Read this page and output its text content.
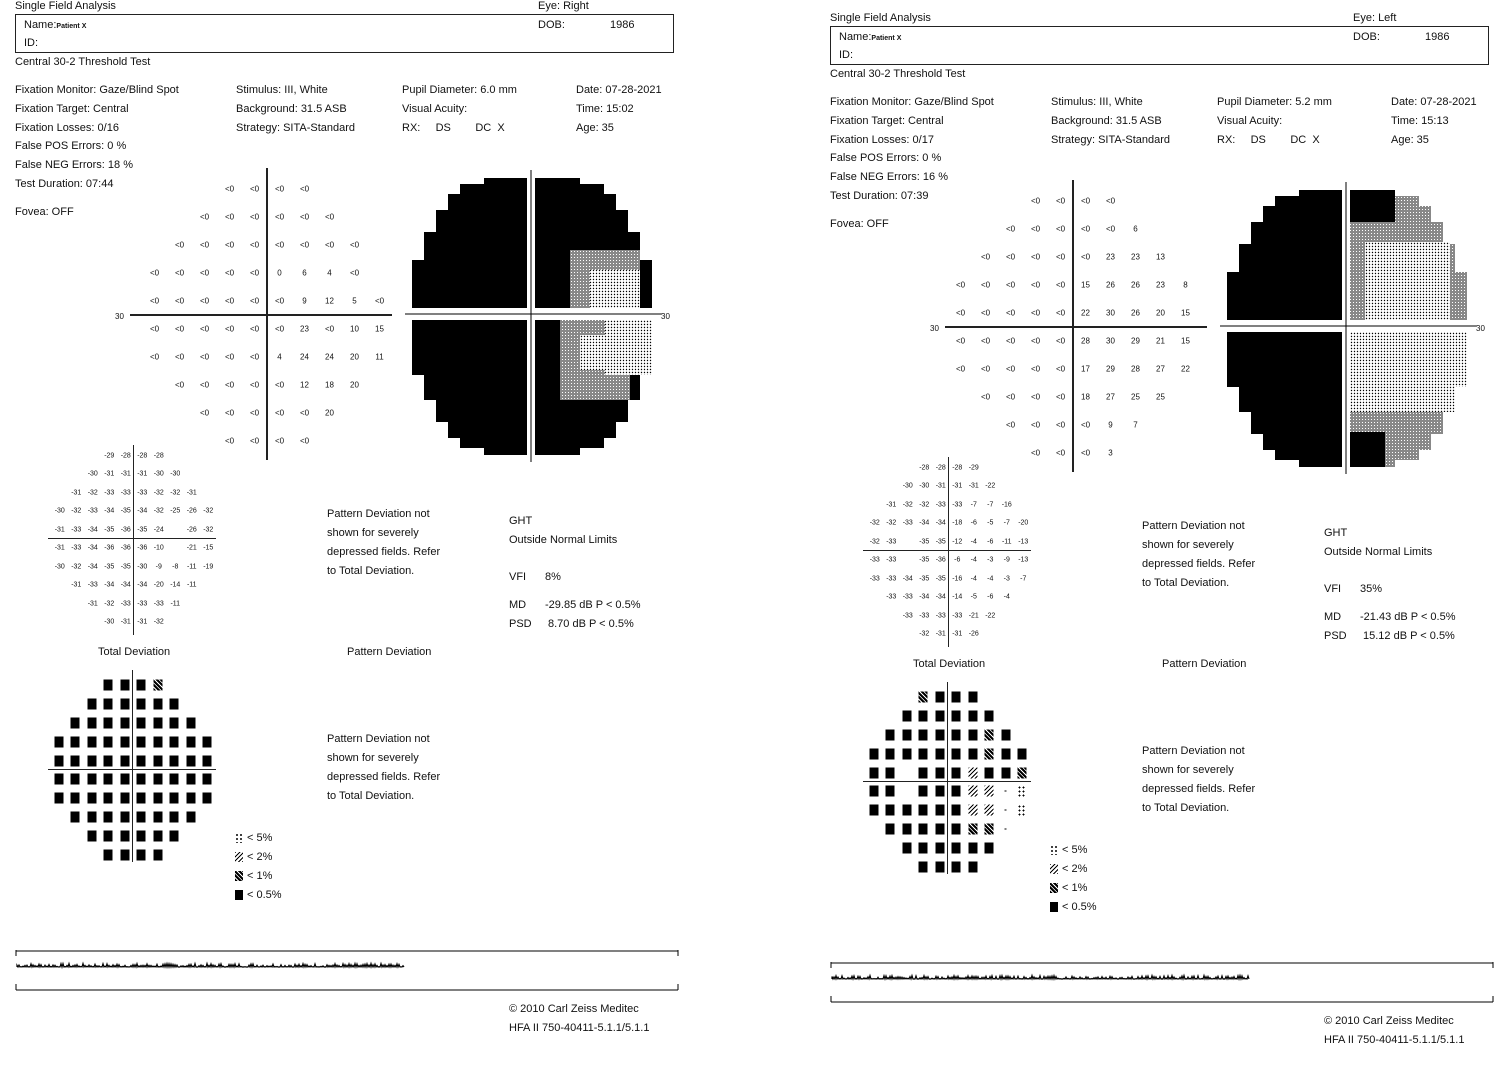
Single Field Analysis	Eye: Right
Name:Patient X
ID:
DOB:	1986
Central 30-2 Threshold Test
Fixation Monitor: Gaze/Blind Spot
Fixation Target: Central
Fixation Losses: 0/16
False POS Errors: 0 %
False NEG Errors: 18 %
Test Duration: 07:44
Fovea: OFF
Stimulus: III, White
Background: 31.5 ASB
Strategy: SITA-Standard
Pupil Diameter: 6.0 mm
Visual Acuity:
RX:     DS        DC  X
Date: 07-28-2021
Time: 15:02
Age: 35
30
<0 <0 <0 <0
<0 <0 <0 <0 <0 <0
<0 <0 <0 <0 <0 <0 <0 <0
<0 <0 <0 <0 <0 0	6	4 <0
<0 <0 <0 <0 <0 <0 9 12 5 <0
<0 <0 <0 <0 <0 <0 23 <0 10 15
<0 <0 <0 <0 <0 4 24 24 20 11
<0 <0 <0 <0 <0 12 18 20
<0 <0 <0 <0 <0 20
<0 <0 <0 <0
30
-29 -28 -28 -28
-30 -31 -31 -31 -30 -30
-31 -32 -33 -33 -33 -32 -32 -31
-30 -32 -33 -34 -35 -34 -32 -25 -26 -32
-31 -33 -34 -35 -36 -35 -24	-26 -32
-31 -33 -34 -36 -36 -36 -10	-21 -15
-30 -32 -34 -35 -35 -30 -9 -8 -11 -19
-31 -33 -34 -34 -34 -20 -14 -11
-31 -32 -33 -33 -33 -11
-30 -31 -31 -32
Total Deviation	Pattern Deviation
Pattern Deviation not
shown for severely
depressed fields. Refer
to Total Deviation.
Pattern Deviation not
shown for severely
depressed fields. Refer
to Total Deviation.
GHT
Outside Normal Limits
VFI 8%
MD -29.85 dB P < 0.5%
PSD 8.70 dB P < 0.5%
< 5%
< 2%
< 1%
< 0.5%
© 2010 Carl Zeiss Meditec
HFA II 750-40411-5.1.1/5.1.1
Single Field Analysis	Eye: Left
Name:Patient X
ID:
DOB:	1986
Central 30-2 Threshold Test
Fixation Monitor: Gaze/Blind Spot
Fixation Target: Central
Fixation Losses: 0/17
False POS Errors: 0 %
False NEG Errors: 16 %
Test Duration: 07:39
Fovea: OFF
Stimulus: III, White
Background: 31.5 ASB
Strategy: SITA-Standard
Pupil Diameter: 5.2 mm
Visual Acuity:
RX:     DS        DC  X
Date: 07-28-2021
Time: 15:13
Age: 35
30
<0 <0 <0 <0
<0 <0 <0 <0 <0 6
<0 <0 <0 <0 <0 23 23 13
<0 <0 <0 <0 <0 15 26 26 23 8
<0 <0 <0 <0 <0 22 30 26 20 15
<0 <0 <0 <0 <0 28 30 29 21 15
<0 <0 <0 <0 <0 17 29 28 27 22
<0 <0 <0 <0 18 27 25 25
<0 <0 <0 <0 9	7
<0 <0 <0 3
30
-28 -28 -28 -29
-30 -30 -31 -31 -31 -22
-31 -32 -32 -33 -33 -7 -7 -16
-32 -32 -33 -34 -34 -18 -6 -5 -7 -20
-32 -33	-35 -35 -12 -4 -6 -11 -13
-33 -33	-35 -36 -6 -4 -3 -9 -13
-33 -33 -34 -35 -35 -16 -4 -4 -3 -7
-33 -33 -34 -34 -14 -5 -6 -4
-33 -33 -33 -33 -21 -22
-32 -31 -31 -26
Total Deviation	Pattern Deviation
Pattern Deviation not
shown for severely
depressed fields. Refer
to Total Deviation.
Pattern Deviation not
shown for severely
depressed fields. Refer
to Total Deviation.
GHT
Outside Normal Limits
VFI 35%
MD -21.43 dB P < 0.5%
PSD 15.12 dB P < 0.5%
< 5%
< 2%
< 1%
< 0.5%
© 2010 Carl Zeiss Meditec
HFA II 750-40411-5.1.1/5.1.1
